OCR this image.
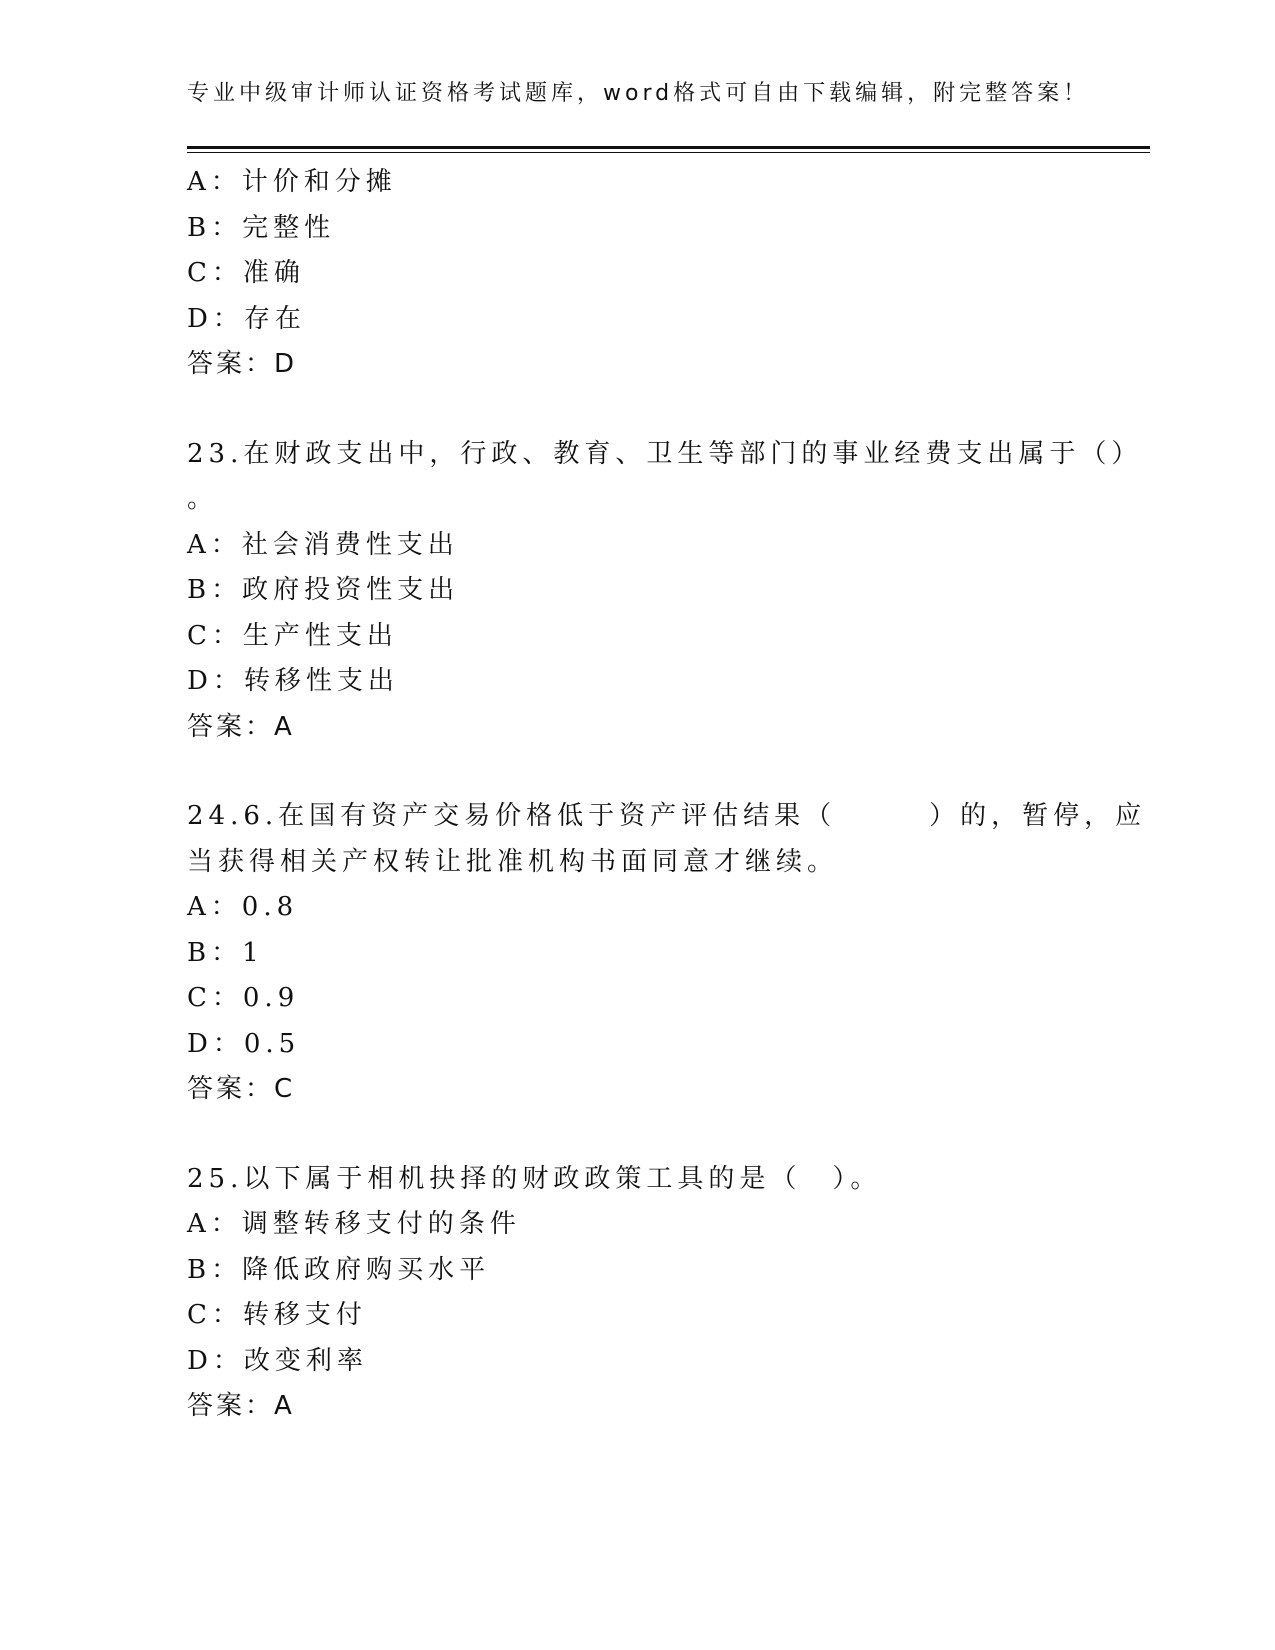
专业中级审计师认证资格考试题库，word格式可自由下载编辑，附完整答案！
A：计价和分摊
B：完整性
C：准确
D：存在
答案：D
23.在财政支出中，行政、教育、卫生等部门的事业经费支出属于（）
。
A：社会消费性支出
B：政府投资性支出
C：生产性支出
D：转移性支出
答案：A
24.6.在国有资产交易价格低于资产评估结果（　　　）的，暂停，应
当获得相关产权转让批准机构书面同意才继续。
A：0.8
B：1
C：0.9
D：0.5
答案：C
25.以下属于相机抉择的财政政策工具的是（　）。
A：调整转移支付的条件
B：降低政府购买水平
C：转移支付
D：改变利率
答案：A
